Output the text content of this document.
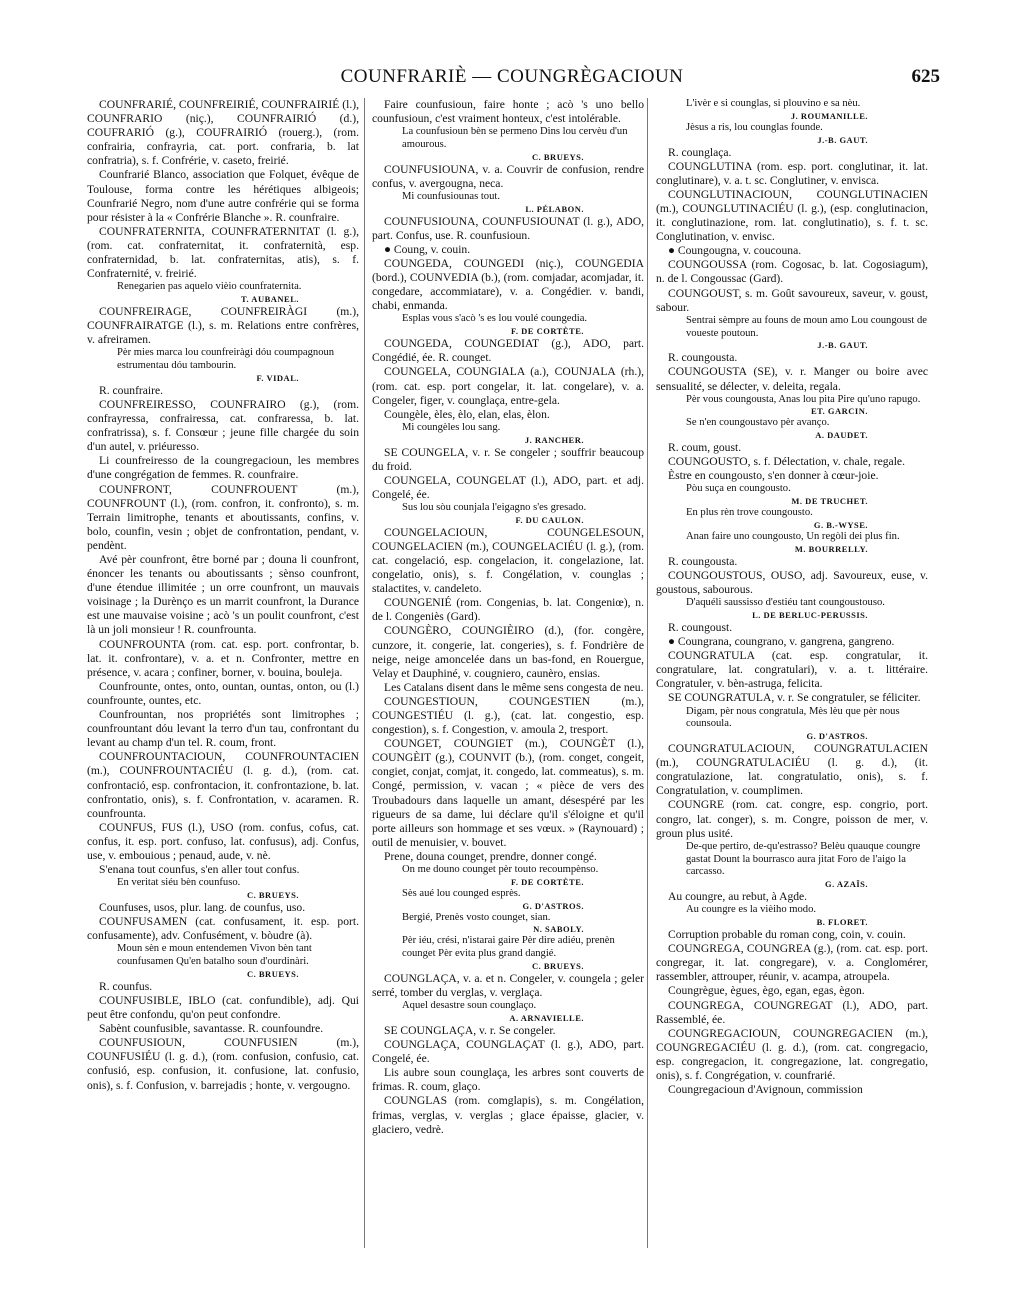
COUNFRARIÈ — COUNGRÈGACIOUN	625
COUNFRARIÉ, COUNFREIRIÉ, COUNFRAIRIÉ (l.), COUNFRARIO (niç.), COUNFRAIRIÓ (d.), COUFRARIÓ (g.), COUFRAIRIÓ (rouerg.), (rom. confrairia, confrayria, cat. port. confraria, b. lat confratria), s. f. Confrérie, v. caseto, freirié.
Counfrarié Blanco, association que Folquet, évêque de Toulouse, forma contre les hérétiques albigeois; Counfrarié Negro, nom d'une autre confrérie qui se forma pour résister à la « Confrérie Blanche ». R. counfraire.
COUNFRATERNITA, COUNFRATERNITAT (l. g.), (rom. cat. confraternitat, it. confraternità, esp. confraternidad, b. lat. confraternitas, atis), s. f. Confraternité, v. freirié.
Renegarien pas aquelo vièio counfraternita.
T. AUBANEL.
COUNFREIRAGE, COUNFREIRÀGI (m.), COUNFRAIRATGE (l.), s. m. Relations entre confrères, v. afreiramen.
Pèr mies marca lou counfreiràgi dóu coumpagnoun estrumentau dóu tambourin.
F. VIDAL.
R. counfraire.
COUNFREIRESSO, COUNFRAIRO (g.), (rom. confrayressa, confrairessa, cat. confraressa, b. lat. confratrissa), s. f. Consœur ; jeune fille chargée du soin d'un autel, v. priéuresso.
Li counfreiresso de la coungregacioun, les membres d'une congrégation de femmes. R. counfraire.
COUNFRONT, COUNFROUENT (m.), COUNFROUNT (l.), (rom. confron, it. confronto), s. m. Terrain limitrophe, tenants et aboutissants, confins, v. bolo, counfin, vesin ; objet de confrontation, pendant, v. pendènt.
Avé pèr counfront, être borné par ; douna li counfront, énoncer les tenants ou aboutissants ; sènso counfront, d'une étendue illimitée ; un orre counfront, un mauvais voisinage ; la Durènço es un marrit counfront, la Durance est une mauvaise voisine ; acò 's un poulit counfront, c'est là un joli monsieur ! R. counfrounta.
COUNFROUNTA (rom. cat. esp. port. confrontar, b. lat. it. confrontare), v. a. et n. Confronter, mettre en présence, v. acara ; confiner, borner, v. bouina, bouleja.
Counfrounte, ontes, onto, ountan, ountas, onton, ou (l.) counfrounte, ountes, etc.
Counfrountan, nos propriétés sont limitrophes ; counfrountant dóu levant la terro d'un tau, confrontant du levant au champ d'un tel. R. coum, front.
COUNFROUNTACIOUN, COUNFROUNTACIEN (m.), COUNFROUNTACIÉU (l. g. d.), (rom. cat. confrontació, esp. confrontacion, it. confrontazione, b. lat. confrontatio, onis), s. f. Confrontation, v. acaramen. R. counfrounta.
COUNFUS, FUS (l.), USO (rom. confus, cofus, cat. confus, it. esp. port. confuso, lat. confusus), adj. Confus, use, v. embouious ; penaud, aude, v. nè.
S'enana tout counfus, s'en aller tout confus.
En veritat siéu bèn counfuso.
C. BRUEYS.
Counfuses, usos, plur. lang. de counfus, uso.
COUNFUSAMEN (cat. confusament, it. esp. port. confusamente), adv. Confusément, v. bòudre (à).
Moun sèn e moun entendemen Vivon bèn tant counfusamen Qu'en batalho soun d'ourdinàri.
C. BRUEYS.
R. counfus.
COUNFUSIBLE, IBLO (cat. confundible), adj. Qui peut être confondu, qu'on peut confondre.
Sabènt counfusible, savantasse. R. counfoundre.
COUNFUSIOUN, COUNFUSIEN (m.), COUNFUSIÉU (l. g. d.), (rom. confusion, confusio, cat. confusió, esp. confusion, it. confusione, lat. confusio, onis), s. f. Confusion, v. barrejadis ; honte, v. vergougno.
Faire counfusioun, faire honte ; acò 's uno bello counfusioun, c'est vraiment honteux, c'est intolérable.
La counfusioun bèn se permeno Dins lou cervèu d'un amourous.
C. BRUEYS.
COUNFUSIOUNA, v. a. Couvrir de confusion, rendre confus, v. avergougna, neca.
Mi counfusiounas tout.
L. PÉLABON.
COUNFUSIOUNA, COUNFUSIOUNAT (l. g.), ADO, part. Confus, use. R. counfusioun.
● Coung, v. couin.
COUNGEDA, COUNGEDI (niç.), COUNGEDIA (bord.), COUNVEDIA (b.), (rom. comjadar, acomjadar, it. congedare, accommiatare), v. a. Congédier. v. bandi, chabi, enmanda.
Esplas vous s'acò 's es lou voulé coungedia.
F. DE CORTÈTE.
COUNGEDA, COUNGEDIAT (g.), ADO, part. Congédié, ée. R. counget.
COUNGELA, COUNGIALA (a.), COUNJALA (rh.), (rom. cat. esp. port congelar, it. lat. congelare), v. a. Congeler, figer, v. counglaça, entre-gela.
Coungèle, èles, èlo, elan, elas, èlon.
Mi coungèles lou sang.
J. RANCHER.
SE COUNGELA, v. r. Se congeler ; souffrir beaucoup du froid.
COUNGELA, COUNGELAT (l.), ADO, part. et adj. Congelé, ée.
Sus lou sòu counjala l'eigagno s'es gresado.
F. DU CAULON.
COUNGELACIOUN, COUNGELESOUN, COUNGELACIEN (m.), COUNGELACIÉU (l. g.), (rom. cat. congelació, esp. congelacion, it. congelazione, lat. congelatio, onis), s. f. Congélation, v. counglas ; stalactites, v. candeleto.
COUNGENIÉ (rom. Congenias, b. lat. Congeniœ), n. de l. Congeniès (Gard).
COUNGÈRO, COUNGIÈIRO (d.), (for. congère, cunzore, it. congerie, lat. congeries), s. f. Fondrière de neige, neige amoncelée dans un bas-fond, en Rouergue, Velay et Dauphiné, v. cougniero, caunèro, ensias.
Les Catalans disent dans le même sens congesta de neu.
COUNGESTIOUN, COUNGESTIEN (m.), COUNGESTIÉU (l. g.), (cat. lat. congestio, esp. congestion), s. f. Congestion, v. amoula 2, tresport.
COUNGET, COUNGIET (m.), COUNGÈT (l.), COUNGÈIT (g.), COUNVIT (b.), (rom. conget, congeit, congiet, conjat, comjat, it. congedo, lat. commeatus), s. m. Congé, permission, v. vacan ; « pièce de vers des Troubadours dans laquelle un amant, désespéré par les rigueurs de sa dame, lui déclare qu'il s'éloigne et qu'il porte ailleurs son hommage et ses vœux. » (Raynouard) ; outil de menuisier, v. bouvet.
Prene, douna counget, prendre, donner congé.
On me douno counget pèr touto recoumpènso.
F. DE CORTÈTE.
Sès aué lou counged esprès.
G. D'ASTROS.
Bergié, Prenès vosto counget, sian.
N. SABOLY.
Pèr iéu, crési, n'istarai gaire Pèr dire adiéu, prenèn counget Pèr evita plus grand dangié.
C. BRUEYS.
COUNGLAÇA, v. a. et n. Congeler, v. coungela ; geler serré, tomber du verglas, v. verglaça.
Aquel desastre soun counglaço.
A. ARNAVIELLE.
SE COUNGLAÇA, v. r. Se congeler.
COUNGLAÇA, COUNGLAÇAT (l. g.), ADO, part. Congelé, ée.
Lis aubre soun counglaça, les arbres sont couverts de frimas. R. coum, glaço.
COUNGLAS (rom. comglapis), s. m. Congélation, frimas, verglas, v. verglas ; glace épaisse, glacier, v. glaciero, vedrè.
L'ivèr e si counglas, si plouvino e sa nèu.
J. ROUMANILLE.
Jèsus a ris, lou counglas founde.
J.-B. GAUT.
R. counglaça.
COUNGLUTINA (rom. esp. port. conglutinar, it. lat. conglutinare), v. a. t. sc. Conglutiner, v. envisca.
COUNGLUTINACIOUN, COUNGLUTINACIEN (m.), COUNGLUTINACIÉU (l. g.), (esp. conglutinacion, it. conglutinazione, rom. lat. conglutinatio), s. f. t. sc. Conglutination, v. envisc.
● Coungougna, v. coucouna.
COUNGOUSSA (rom. Cogosac, b. lat. Cogosiagum), n. de l. Congoussac (Gard).
COUNGOUST, s. m. Goût savoureux, saveur, v. goust, sabour.
Sentrai sèmpre au founs de moun amo Lou coungoust de voueste poutoun.
J.-B. GAUT.
R. coungousta.
COUNGOUSTA (SE), v. r. Manger ou boire avec sensualité, se délecter, v. deleita, regala.
Pèr vous coungousta, Anas lou pita Pire qu'uno rapugo.
ET. GARCIN.
Se n'en coungoustavo pèr avanço.
A. DAUDET.
R. coum, goust.
COUNGOUSTO, s. f. Délectation, v. chale, regale.
Èstre en coungousto, s'en donner à cœur-joie.
Pòu suça en coungousto.
M. DE TRUCHET.
En plus rèn trove coungousto.
G. B.-WYSE.
Anan faire uno coungousto, Un regòli dei plus fin.
M. BOURRELLY.
R. coungousta.
COUNGOUSTOUS, OUSO, adj. Savoureux, euse, v. goustous, sabourous.
D'aquéli saussisso d'estiéu tant coungoustouso.
L. DE BERLUC-PERUSSIS.
R. coungoust.
● Coungrana, coungrano, v. gangrena, gangreno.
COUNGRATULA (cat. esp. congratular, it. congratulare, lat. congratulari), v. a. t. littéraire. Congratuler, v. bèn-astruga, felicita.
SE COUNGRATULA, v. r. Se congratuler, se féliciter.
Digam, pèr nous congratula, Mès lèu que pèr nous counsoula.
G. D'ASTROS.
COUNGRATULACIOUN, COUNGRATULACIEN (m.), COUNGRATULACIÉU (l. g. d.), (it. congratulazione, lat. congratulatio, onis), s. f. Congratulation, v. coumplimen.
COUNGRE (rom. cat. congre, esp. congrio, port. congro, lat. conger), s. m. Congre, poisson de mer, v. groun plus usité.
De-que pertiro, de-qu'estrasso? Belèu quauque coungre gastat Dount la bourrasco aura jitat Foro de l'aigo la carcasso.
G. AZAÏS.
Au coungre, au rebut, à Agde.
Au coungre es la vièiho modo.
B. FLORET.
Corruption probable du roman cong, coin, v. couin.
COUNGREGA, COUNGREA (g.), (rom. cat. esp. port. congregar, it. lat. congregare), v. a. Conglomérer, rassembler, attrouper, réunir, v. acampa, atroupela.
Coungrègue, ègues, ègo, egan, egas, ègon.
COUNGREGA, COUNGREGAT (l.), ADO, part. Rassemblé, ée.
COUNGREGACIOUN, COUNGREGACIEN (m.), COUNGREGACIÉU (l. g. d.), (rom. cat. congregacio, esp. congregacion, it. congregazione, lat. congregatio, onis), s. f. Congrégation, v. counfrarié.
Coungregacioun d'Avignoun, commission
